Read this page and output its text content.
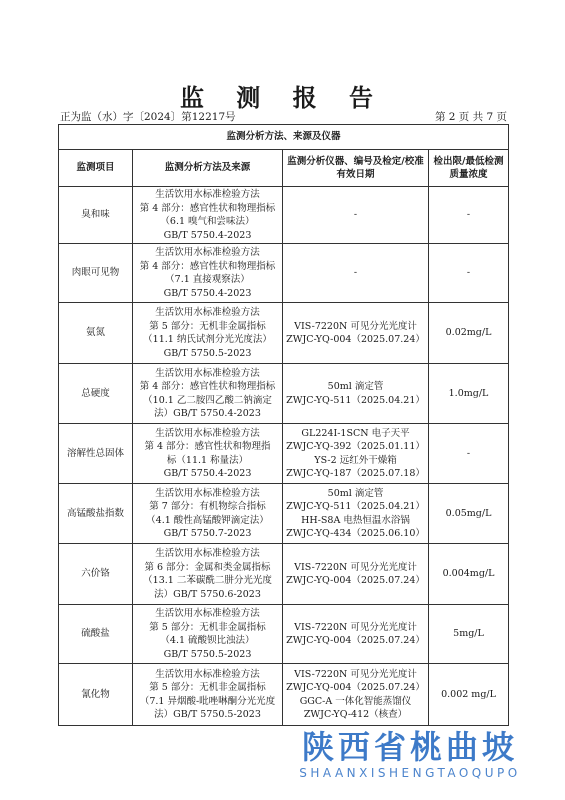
监 测 报 告
正为监（水）字〔2024〕第12217号	第 2 页 共 7 页
监测分析方法、来源及仪器			
监测项目	监测分析方法及来源	监测分析仪器、编号及检定/校准有效日期	检出限/最低检测质量浓度
臭和味	生活饮用水标准检验方法
第 4 部分：感官性状和物理指标
（6.1 嗅气和尝味法）
GB/T 5750.4-2023	-	-
肉眼可见物	生活饮用水标准检验方法
第 4 部分：感官性状和物理指标
（7.1 直接观察法）
GB/T 5750.4-2023	-	-
氨氮	生活饮用水标准检验方法
第 5 部分：无机非金属指标
（11.1 纳氏试剂分光光度法）
GB/T 5750.5-2023	VIS-7220N 可见分光光度计
ZWJC-YQ-004（2025.07.24）	0.02mg/L
总硬度	生活饮用水标准检验方法
第 4 部分：感官性状和物理指标
（10.1 乙二胺四乙酸二钠滴定
法）GB/T 5750.4-2023	50ml 滴定管
ZWJC-YQ-511（2025.04.21）	1.0mg/L
溶解性总固体	生活饮用水标准检验方法
第 4 部分：感官性状和物理指
标（11.1 称量法）
GB/T 5750.4-2023	GL224I-1SCN 电子天平
ZWJC-YQ-392（2025.01.11）
YS-2 远红外干燥箱
ZWJC-YQ-187（2025.07.18）	-
高锰酸盐指数	生活饮用水标准检验方法
第 7 部分：有机物综合指标
（4.1 酸性高锰酸钾滴定法）
GB/T 5750.7-2023	50ml 滴定管
ZWJC-YQ-511（2025.04.21）
HH-S8A 电热恒温水浴锅
ZWJC-YQ-434（2025.06.10）	0.05mg/L
六价铬	生活饮用水标准检验方法
第 6 部分：金属和类金属指标
（13.1 二苯碳酰二肼分光光度
法）GB/T 5750.6-2023	VIS-7220N 可见分光光度计
ZWJC-YQ-004（2025.07.24）	0.004mg/L
硫酸盐	生活饮用水标准检验方法
第 5 部分：无机非金属指标
（4.1 硫酸钡比浊法）
GB/T 5750.5-2023	VIS-7220N 可见分光光度计
ZWJC-YQ-004（2025.07.24）	5mg/L
氰化物	生活饮用水标准检验方法
第 5 部分：无机非金属指标
（7.1 异烟酸-吡唑啉酮分光光度
法）GB/T 5750.5-2023	VIS-7220N 可见分光光度计
ZWJC-YQ-004（2025.07.24）
GGC-A 一体化智能蒸馏仪
ZWJC-YQ-412（核查）	0.002 mg/L
陕西省桃曲坡
SHAANXISHENGTAOQUPO
